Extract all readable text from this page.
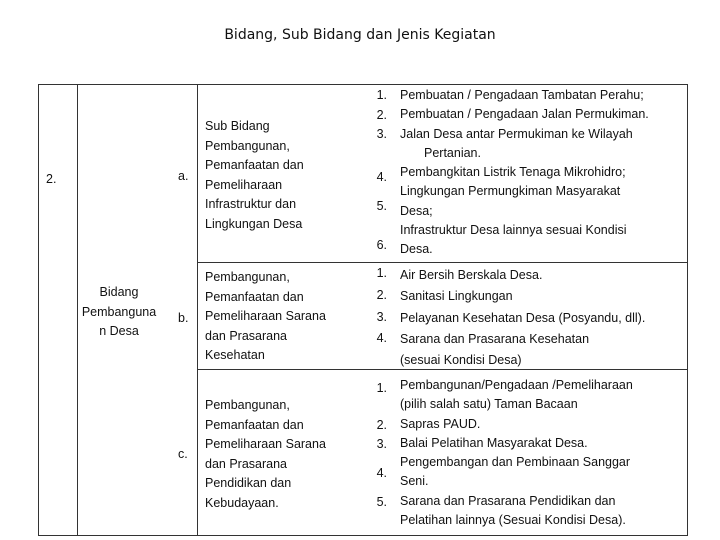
Bidang, Sub Bidang dan Jenis Kegiatan
2.
Bidang
Pembanguna
n Desa
a.
b.
c.
Sub Bidang
Pembangunan,
Pemanfaatan dan
Pemeliharaan
Infrastruktur dan
Lingkungan Desa
Pembangunan,
Pemanfaatan dan
Pemeliharaan Sarana
dan Prasarana
Kesehatan
Pembangunan,
Pemanfaatan dan
Pemeliharaan Sarana
dan Prasarana
Pendidikan dan
Kebudayaan.
1.
2.
3.
4.
5.
6.
Pembuatan / Pengadaan Tambatan Perahu;
Pembuatan / Pengadaan Jalan Permukiman.
Jalan Desa antar Permukiman ke Wilayah
Pertanian.
Pembangkitan Listrik Tenaga Mikrohidro;
Lingkungan Permungkiman Masyarakat
Desa;
Infrastruktur Desa lainnya sesuai Kondisi
Desa.
1.
2.
3.
4.
Air Bersih Berskala Desa.
Sanitasi Lingkungan
Pelayanan Kesehatan Desa (Posyandu, dll).
Sarana dan Prasarana Kesehatan
(sesuai Kondisi Desa)
1.
2.
3.
4.
5.
Pembangunan/Pengadaan /Pemeliharaan
(pilih salah satu) Taman Bacaan
Sapras PAUD.
Balai Pelatihan Masyarakat Desa.
Pengembangan dan Pembinaan Sanggar
Seni.
Sarana dan Prasarana Pendidikan dan
Pelatihan lainnya (Sesuai Kondisi Desa).
